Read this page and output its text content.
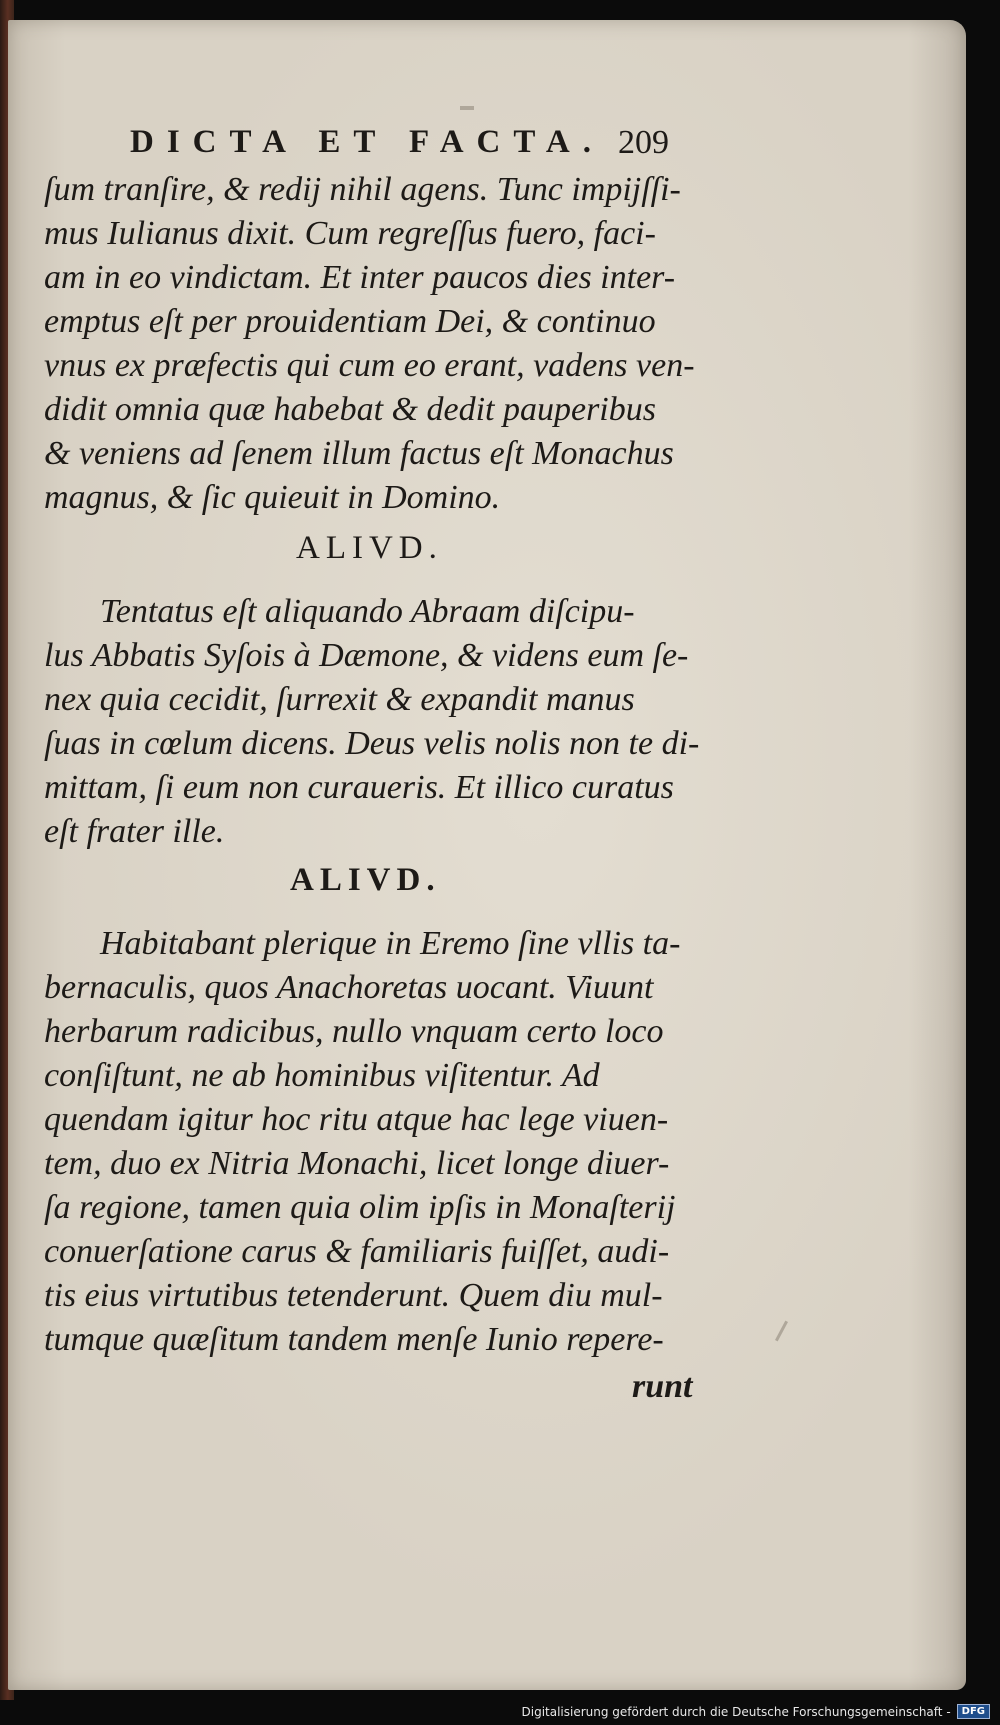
DICTA ET FACTA. 209
ſum tranſire, & redij nihil agens. Tunc impijſſi-
mus Iulianus dixit. Cum regreſſus fuero, faci-
am in eo vindictam. Et inter paucos dies inter-
emptus eſt per prouidentiam Dei, & continuo
vnus ex præfectis qui cum eo erant, vadens ven-
didit omnia quæ habebat & dedit pauperibus
& veniens ad ſenem illum factus eſt Monachus
magnus, & ſic quieuit in Domino.
ALIVD.
Tentatus eſt aliquando Abraam diſcipu-
lus Abbatis Syſois à Dæmone, & videns eum ſe-
nex quia cecidit, ſurrexit & expandit manus
ſuas in cœlum dicens. Deus velis nolis non te di-
mittam, ſi eum non curaueris. Et illico curatus
eſt frater ille.
ALIVD.
Habitabant plerique in Eremo ſine vllis ta-
bernaculis, quos Anachoretas uocant. Viuunt
herbarum radicibus, nullo vnquam certo loco
conſiſtunt, ne ab hominibus viſitentur. Ad
quendam igitur hoc ritu atque hac lege viuen-
tem, duo ex Nitria Monachi, licet longe diuer-
ſa regione, tamen quia olim ipſis in Monaſterij
conuerſatione carus & familiaris fuiſſet, audi-
tis eius virtutibus tetenderunt. Quem diu mul-
tumque quæſitum tandem menſe Iunio repere-
runt
Digitalisierung gefördert durch die Deutsche Forschungsgemeinschaft -	DFG
